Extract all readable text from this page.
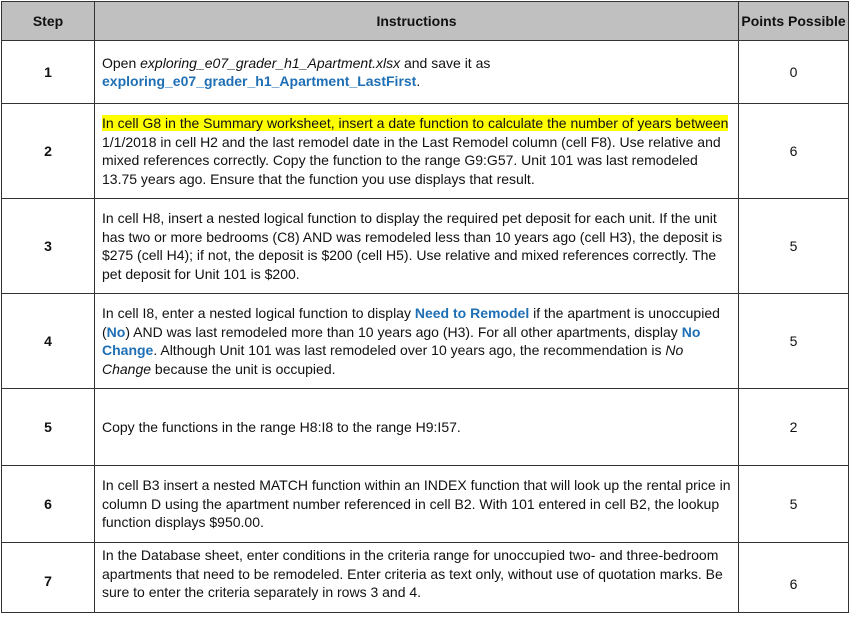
Step	Instructions	Points Possible
1	Open exploring_e07_grader_h1_Apartment.xlsx and save it as exploring_e07_grader_h1_Apartment_LastFirst.	0
2	In cell G8 in the Summary worksheet, insert a date function to calculate the number of years between 1/1/2018 in cell H2 and the last remodel date in the Last Remodel column (cell F8). Use relative and mixed references correctly. Copy the function to the range G9:G57. Unit 101 was last remodeled 13.75 years ago. Ensure that the function you use displays that result.	6
3	In cell H8, insert a nested logical function to display the required pet deposit for each unit. If the unit has two or more bedrooms (C8) AND was remodeled less than 10 years ago (cell H3), the deposit is $275 (cell H4); if not, the deposit is $200 (cell H5). Use relative and mixed references correctly. The pet deposit for Unit 101 is $200.	5
4	In cell I8, enter a nested logical function to display Need to Remodel if the apartment is unoccupied (No) AND was last remodeled more than 10 years ago (H3). For all other apartments, display No Change. Although Unit 101 was last remodeled over 10 years ago, the recommendation is No Change because the unit is occupied.	5
5	Copy the functions in the range H8:I8 to the range H9:I57.	2
6	In cell B3 insert a nested MATCH function within an INDEX function that will look up the rental price in column D using the apartment number referenced in cell B2. With 101 entered in cell B2, the lookup function displays $950.00.	5
7	In the Database sheet, enter conditions in the criteria range for unoccupied two- and three-bedroom apartments that need to be remodeled. Enter criteria as text only, without use of quotation marks. Be sure to enter the criteria separately in rows 3 and 4.	6
